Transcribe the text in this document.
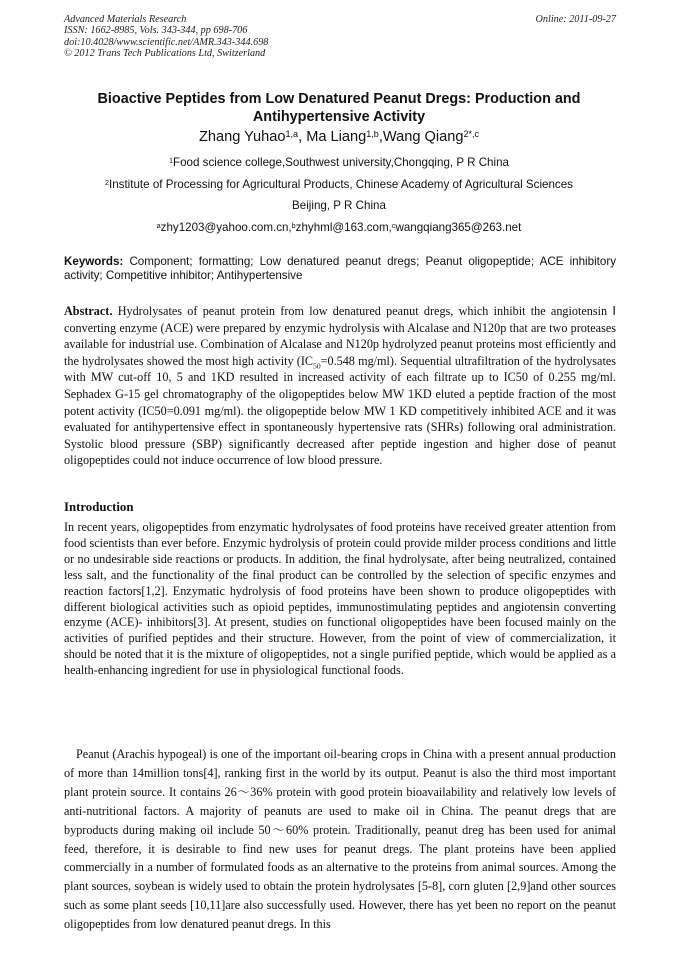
Advanced Materials Research
ISSN: 1662-8985, Vols. 343-344, pp 698-706
doi:10.4028/www.scientific.net/AMR.343-344.698
© 2012 Trans Tech Publications Ltd, Switzerland
Online: 2011-09-27
Bioactive Peptides from Low Denatured Peanut Dregs: Production and
Antihypertensive Activity
Zhang Yuhao$^{1,a}$, Ma Liang$^{1,b}$,Wang Qiang$^{2*,c}$
$^1$Food science college,Southwest university,Chongqing, P R China
$^2$Institute of Processing for Agricultural Products, Chinese Academy of Agricultural Sciences
Beijing, P R China
$^a$zhy1203@yahoo.com.cn,$^b$zhyhml@163.com,$^c$wangqiang365@263.net
Keywords: Component; formatting; Low denatured peanut dregs; Peanut oligopeptide; ACE inhibitory activity; Competitive inhibitor; Antihypertensive
Abstract. Hydrolysates of peanut protein from low denatured peanut dregs, which inhibit the angiotensin Ⅰ converting enzyme (ACE) were prepared by enzymic hydrolysis with Alcalase and N120p that are two proteases available for industrial use. Combination of Alcalase and N120p hydrolyzed peanut proteins most efficiently and the hydrolysates showed the most high activity ($IC_{50}=0.548$ mg/ml). Sequential ultrafiltration of the hydrolysates with MW cut-off 10, 5 and 1KD resulted in increased activity of each filtrate up to IC50 of 0.255 mg/ml. Sephadex G-15 gel chromatography of the oligopeptides below MW 1KD eluted a peptide fraction of the most potent activity (IC50=0.091 mg/ml). the oligopeptide below MW 1 KD competitively inhibited ACE and it was evaluated for antihypertensive effect in spontaneously hypertensive rats (SHRs) following oral administration. Systolic blood pressure (SBP) significantly decreased after peptide ingestion and higher dose of peanut oligopeptides could not induce occurrence of low blood pressure.
Introduction
In recent years, oligopeptides from enzymatic hydrolysates of food proteins have received greater attention from food scientists than ever before. Enzymic hydrolysis of protein could provide milder process conditions and little or no undesirable side reactions or products. In addition, the final hydrolysate, after being neutralized, contained less salt, and the functionality of the final product can be controlled by the selection of specific enzymes and reaction factors[1,2]. Enzymatic hydrolysis of food proteins have been shown to produce oligopeptides with different biological activities such as opioid peptides, immunostimulating peptides and angiotensin converting enzyme (ACE)- inhibitors[3]. At present, studies on functional oligopeptides have been focused mainly on the activities of purified peptides and their structure. However, from the point of view of commercialization, it should be noted that it is the mixture of oligopeptides, not a single purified peptide, which would be applied as a health-enhancing ingredient for use in physiological functional foods.
Peanut (Arachis hypogeal) is one of the important oil-bearing crops in China with a present annual production of more than 14million tons[4], ranking first in the world by its output. Peanut is also the third most important plant protein source. It contains 26～36% protein with good protein bioavailability and relatively low levels of anti-nutritional factors. A majority of peanuts are used to make oil in China. The peanut dregs that are byproducts during making oil include 50～60% protein. Traditionally, peanut dreg has been used for animal feed, therefore, it is desirable to find new uses for peanut dregs. The plant proteins have been applied commercially in a number of formulated foods as an alternative to the proteins from animal sources. Among the plant sources, soybean is widely used to obtain the protein hydrolysates [5-8], corn gluten [2,9]and other sources such as some plant seeds [10,11]are also successfully used. However, there has yet been no report on the peanut oligopeptides from low denatured peanut dregs. In this
